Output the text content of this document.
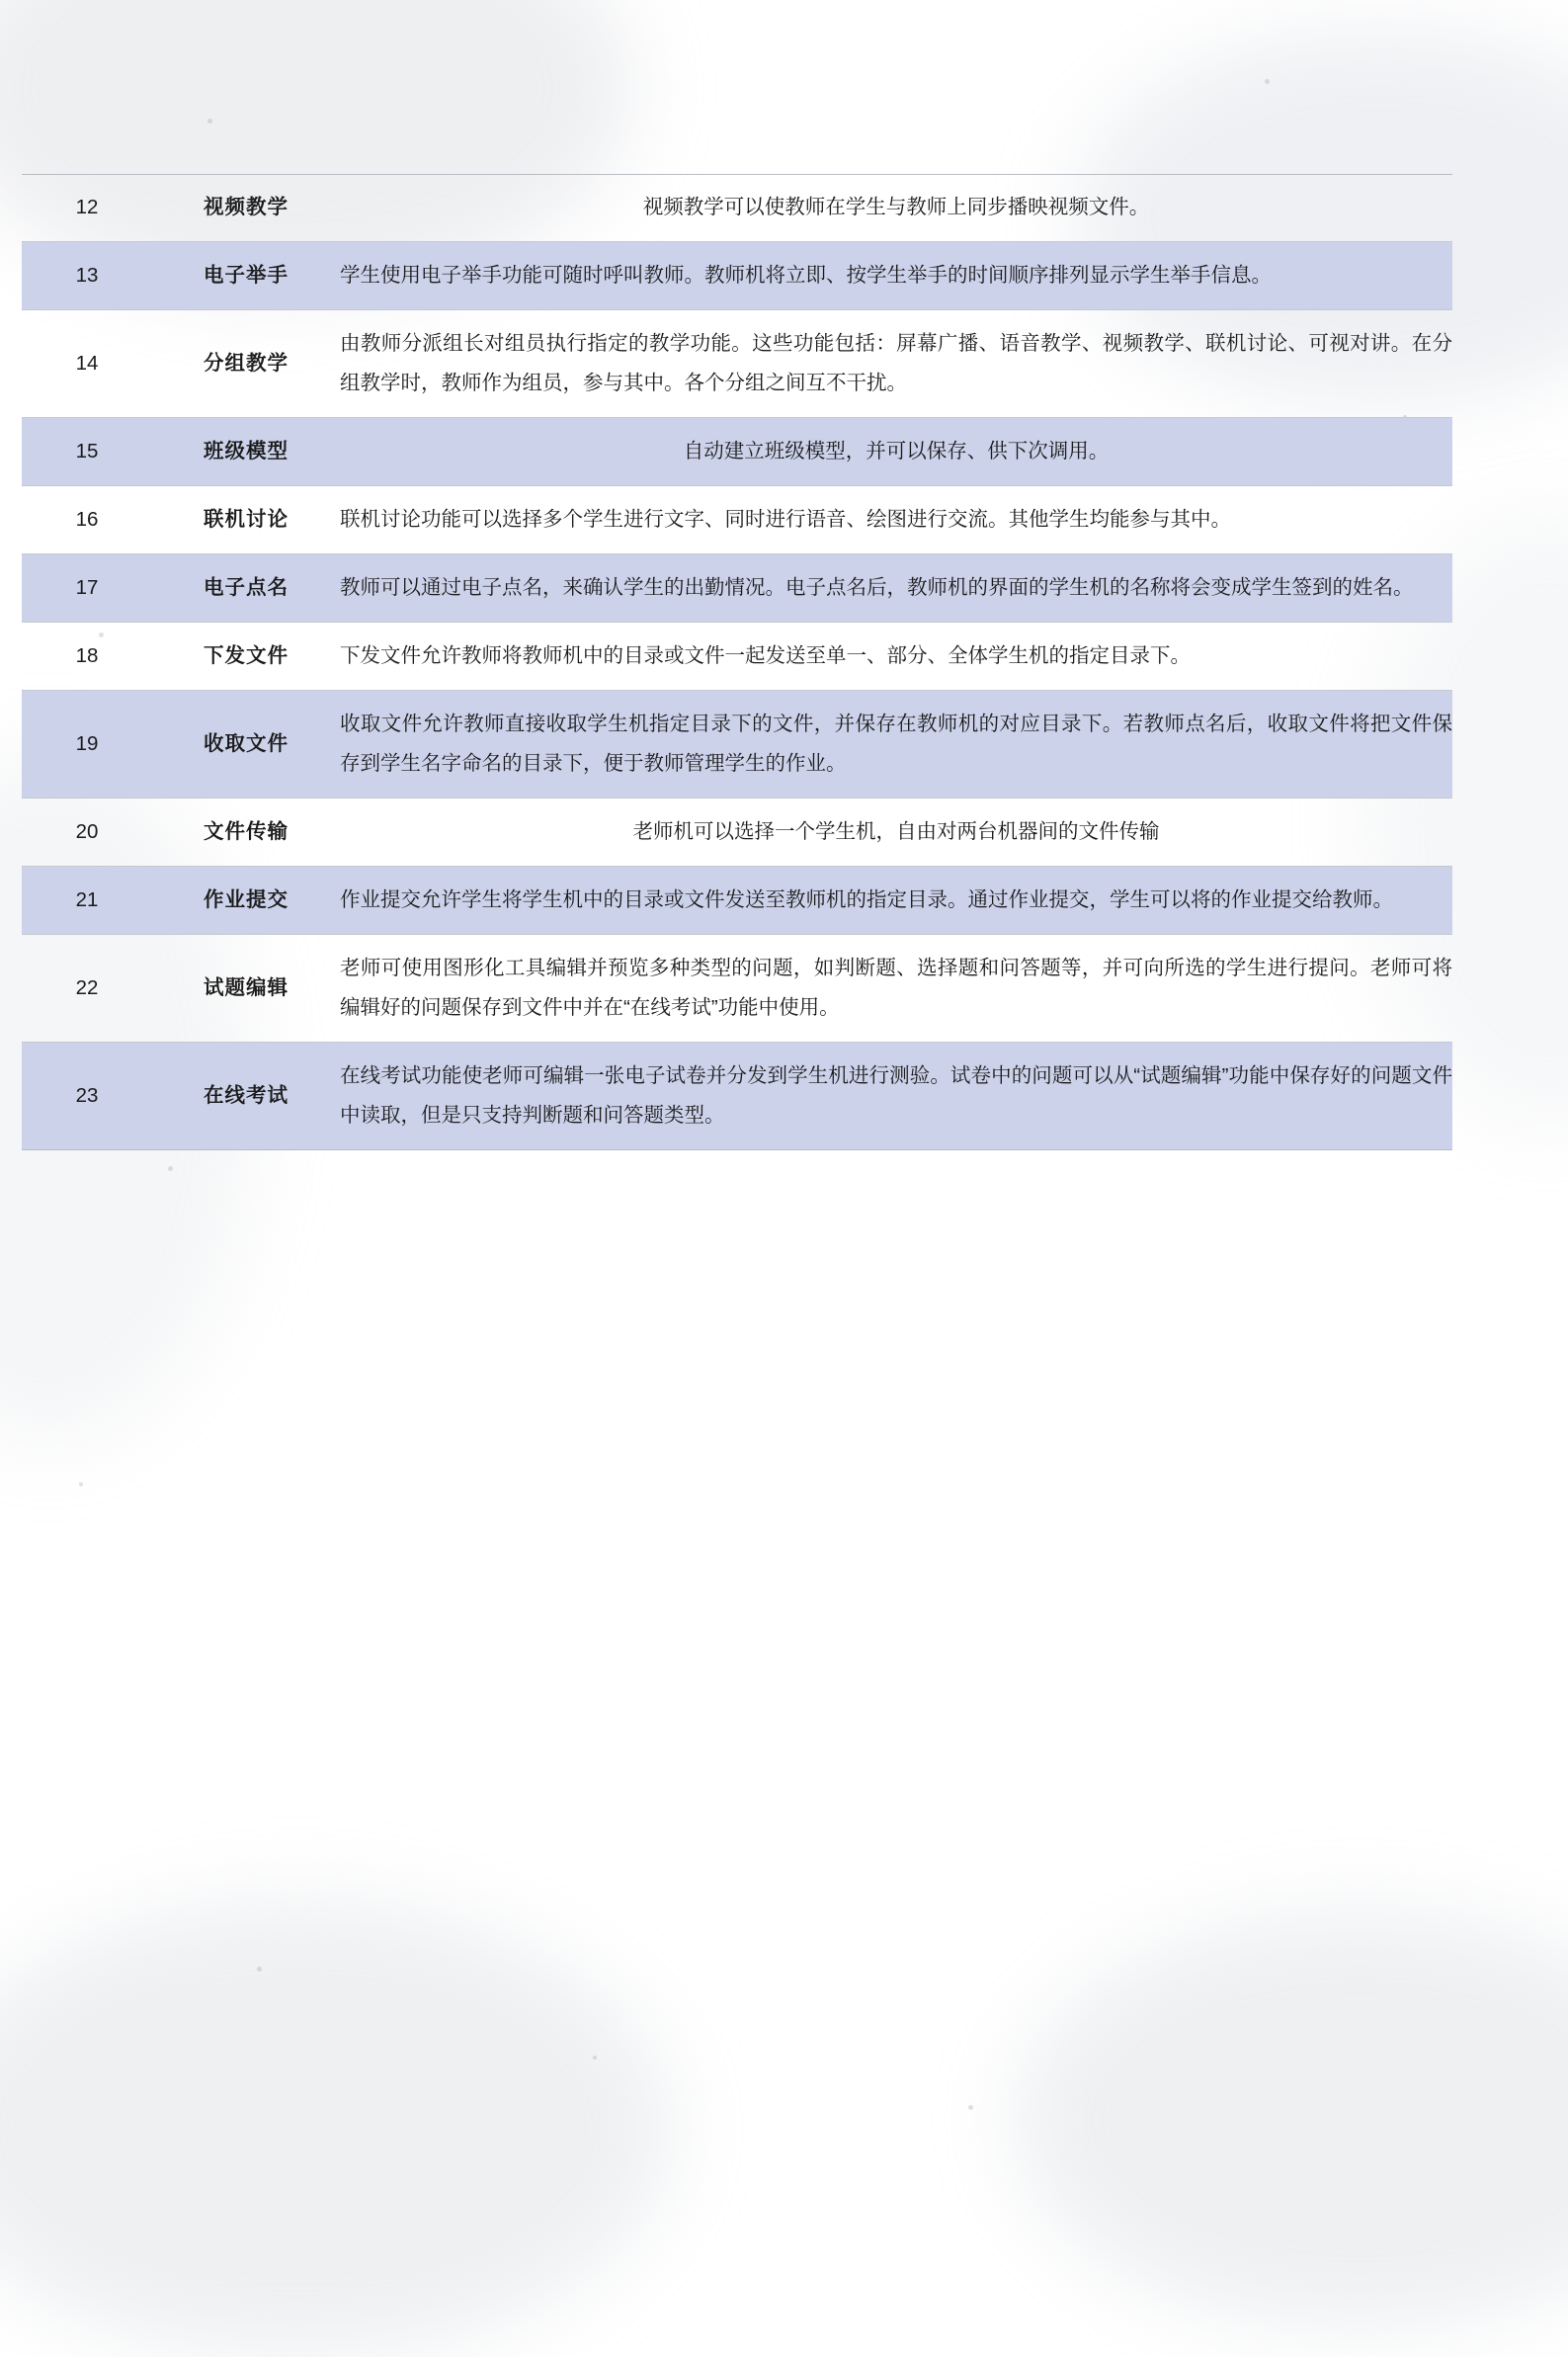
12	视频教学	视频教学可以使教师在学生与教师上同步播映视频文件。
13	电子举手	学生使用电子举手功能可随时呼叫教师。教师机将立即、按学生举手的时间顺序排列显示学生举手信息。
14	分组教学	由教师分派组长对组员执行指定的教学功能。这些功能包括：屏幕广播、语音教学、视频教学、联机讨论、可视对讲。在分组教学时，教师作为组员，参与其中。各个分组之间互不干扰。
15	班级模型	自动建立班级模型，并可以保存、供下次调用。
16	联机讨论	联机讨论功能可以选择多个学生进行文字、同时进行语音、绘图进行交流。其他学生均能参与其中。
17	电子点名	教师可以通过电子点名，来确认学生的出勤情况。电子点名后，教师机的界面的学生机的名称将会变成学生签到的姓名。
18	下发文件	下发文件允许教师将教师机中的目录或文件一起发送至单一、部分、全体学生机的指定目录下。
19	收取文件	收取文件允许教师直接收取学生机指定目录下的文件，并保存在教师机的对应目录下。若教师点名后，收取文件将把文件保存到学生名字命名的目录下，便于教师管理学生的作业。
20	文件传输	老师机可以选择一个学生机，自由对两台机器间的文件传输
21	作业提交	作业提交允许学生将学生机中的目录或文件发送至教师机的指定目录。通过作业提交，学生可以将的作业提交给教师。
22	试题编辑	老师可使用图形化工具编辑并预览多种类型的问题，如判断题、选择题和问答题等，并可向所选的学生进行提问。老师可将编辑好的问题保存到文件中并在“在线考试”功能中使用。
23	在线考试	在线考试功能使老师可编辑一张电子试卷并分发到学生机进行测验。试卷中的问题可以从“试题编辑”功能中保存好的问题文件中读取，但是只支持判断题和问答题类型。
